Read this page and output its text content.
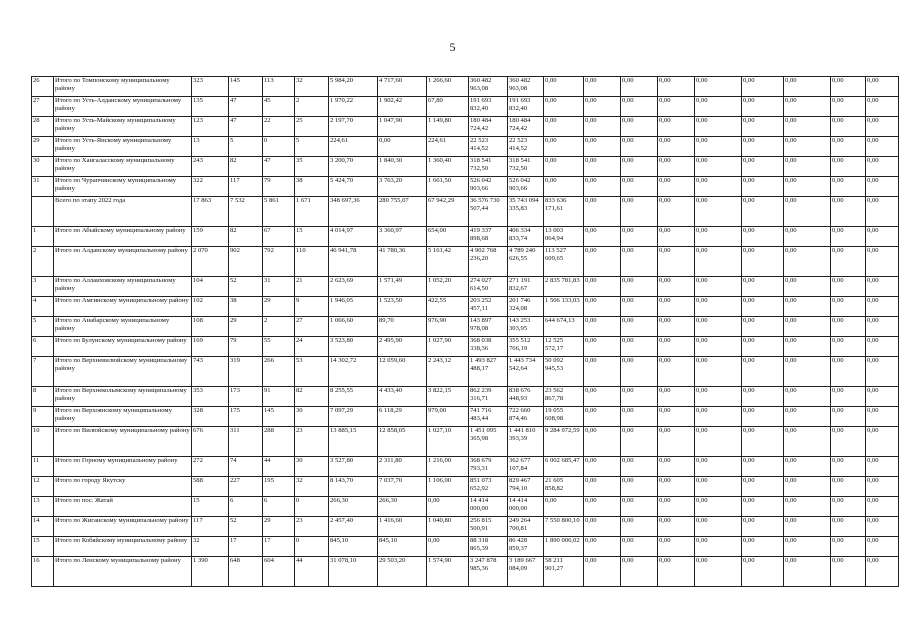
5
26	Итого по Томпонскому муниципальному району	323	145	113	32	5 984,20	4 717,60	1 266,60	360 482 963,08	360 482 963,08	0,00	0,00	0,00	0,00	0,00	0,00	0,00	0,00	0,00
27	Итого по Усть-Алданскому муниципальному району	135	47	45	2	1 970,22	1 902,42	67,80	191 693 832,40	191 693 832,40	0,00	0,00	0,00	0,00	0,00	0,00	0,00	0,00	0,00
28	Итого по Усть-Майскому муниципальному району	123	47	22	25	2 197,70	1 047,90	1 149,80	180 484 724,42	180 484 724,42	0,00	0,00	0,00	0,00	0,00	0,00	0,00	0,00	0,00
29	Итого по Усть-Янскому муниципальному району	13	5	0	5	224,61	0,00	224,61	22 523 414,52	22 523 414,52	0,00	0,00	0,00	0,00	0,00	0,00	0,00	0,00	0,00
30	Итого по Хангаласскому муниципальному району	243	82	47	35	3 200,70	1 840,30	1 360,40	318 541 732,50	318 541 732,50	0,00	0,00	0,00	0,00	0,00	0,00	0,00	0,00	0,00
31	Итого по Чурапчинскому муниципальному району	322	117	79	38	5 424,70	3 763,20	1 661,50	526 042 903,66	526 042 903,66	0,00	0,00	0,00	0,00	0,00	0,00	0,00	0,00	0,00
	Всего по этапу 2022 года	17 863	7 532	5 861	1 671	348 697,36	280 755,07	67 942,29	36 576 730 507,44	35 743 094 335,83	833 636 171,61	0,00	0,00	0,00	0,00	0,00	0,00	0,00	0,00
1	Итого по Абыйскому муниципальному району	159	82	67	15	4 014,97	3 360,97	654,00	419 337 898,68	406 334 833,74	13 003 064,94	0,00	0,00	0,00	0,00	0,00	0,00	0,00	0,00
2	Итого по Алданскому муниципальному району	2 070	902	792	110	46 941,78	41 780,36	5 161,42	4 902 768 236,20	4 789 240 626,55	113 527 609,65	0,00	0,00	0,00	0,00	0,00	0,00	0,00	0,00
3	Итого по Аллаиховскому муниципальному району	104	52	31	21	2 623,69	1 571,49	1 052,20	274 027 614,50	271 191 832,67	2 835 781,83	0,00	0,00	0,00	0,00	0,00	0,00	0,00	0,00
4	Итого по Амгинскому муниципальному району	102	38	29	9	1 946,05	1 523,50	422,55	203 252 457,11	201 746 324,08	1 506 133,03	0,00	0,00	0,00	0,00	0,00	0,00	0,00	0,00
5	Итого по Анабарскому муниципальному району	108	29	2	27	1 066,60	89,70	976,90	143 897 978,08	143 253 303,95	644 674,13	0,00	0,00	0,00	0,00	0,00	0,00	0,00	0,00
6	Итого по Булунскому муниципальному району	169	79	55	24	3 523,80	2 495,90	1 027,90	368 038 338,36	355 512 766,19	12 525 572,17	0,00	0,00	0,00	0,00	0,00	0,00	0,00	0,00
7	Итого по Верхневилюйскому муниципальному району	743	319	266	53	14 302,72	12 059,60	2 243,12	1 493 827 488,17	1 443 734 542,64	50 092 945,53	0,00	0,00	0,00	0,00	0,00	0,00	0,00	0,00
8	Итого по Верхнеколымскому муниципальному району	353	173	91	82	8 255,55	4 433,40	3 822,15	862 239 316,71	838 676 448,93	23 562 867,78	0,00	0,00	0,00	0,00	0,00	0,00	0,00	0,00
9	Итого по Верхоянскому муниципальному району	328	175	145	30	7 097,29	6 118,29	979,00	741 716 483,44	722 660 874,46	19 055 608,98	0,00	0,00	0,00	0,00	0,00	0,00	0,00	0,00
10	Итого по Вилюйскому муниципальному району	676	311	288	23	13 885,15	12 858,05	1 027,10	1 451 095 365,98	1 441 810 393,39	9 284 972,59	0,00	0,00	0,00	0,00	0,00	0,00	0,00	0,00
11	Итого по Горному муниципальному району	272	74	44	30	3 527,80	2 311,80	1 216,00	368 679 793,31	362 677 107,84	6 002 685,47	0,00	0,00	0,00	0,00	0,00	0,00	0,00	0,00
12	Итого по городу Якутску	588	227	195	32	8 143,70	7 037,70	1 106,00	851 073 652,92	829 467 794,10	21 605 858,82	0,00	0,00	0,00	0,00	0,00	0,00	0,00	0,00
13	Итого по пос. Жатай	15	6	6	0	266,30	266,30	0,00	14 414 000,00	14 414 000,00	0,00	0,00	0,00	0,00	0,00	0,00	0,00	0,00	0,00
14	Итого по Жиганскому муниципальному району	117	52	29	23	2 457,40	1 416,60	1 040,80	256 815 500,91	249 264 700,81	7 550 800,10	0,00	0,00	0,00	0,00	0,00	0,00	0,00	0,00
15	Итого по Кобяйскому муниципальному району	32	17	17	0	845,10	845,10	0,00	88 318 865,39	86 428 859,37	1 890 006,02	0,00	0,00	0,00	0,00	0,00	0,00	0,00	0,00
16	Итого по Ленскому муниципальному району	1 390	648	604	44	31 078,10	29 503,20	1 574,90	3 247 878 985,36	3 189 667 084,09	58 211 901,27	0,00	0,00	0,00	0,00	0,00	0,00	0,00	0,00
